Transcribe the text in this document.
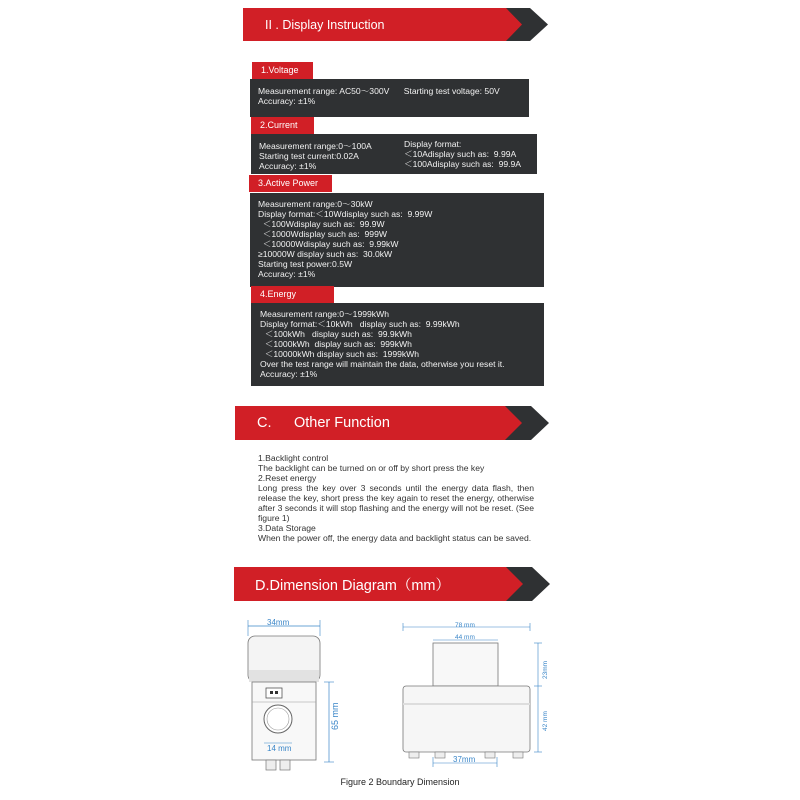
II . Display Instruction
1.Voltage
Measurement range: AC50～300V      Starting test voltage: 50V
Accuracy: ±1%
2.Current
Measurement range:0～100A
Starting test current:0.02A
Accuracy: ±1%
Display format:
＜10Adisplay such as:  9.99A
＜100Adisplay such as:  99.9A
3.Active Power
Measurement range:0～30kW
Display format:＜10Wdisplay such as:  9.99W
＜100Wdisplay such as:  99.9W
＜1000Wdisplay such as:  999W
＜10000Wdisplay such as:  9.99kW
≥10000W display such as:  30.0kW
Starting test power:0.5W
Accuracy: ±1%
4.Energy
Measurement range:0～1999kWh
Display format:＜10kWh   display such as:  9.99kWh
＜100kWh   display such as:  99.9kWh
＜1000kWh  display such as:  999kWh
＜10000kWh display such as:  1999kWh
Over the test range will maintain the data, otherwise you reset it.
Accuracy: ±1%
C. Other Function

1.Backlight control

The backlight can be turned on or off by short press the key

2.Reset energy

Long press the key over 3 seconds until the energy data flash, then release the key, short press the key again to reset the energy, otherwise after 3 seconds it will stop flashing and the energy will not be reset. (See figure 1)

3.Data Storage

When the power off, the energy data and backlight status can be saved.

D.Dimension Diagram（mm）
34mm
14 mm
65 mm
78 mm
44 mm
23mm
42 mm
37mm
Figure 2 Boundary Dimension
